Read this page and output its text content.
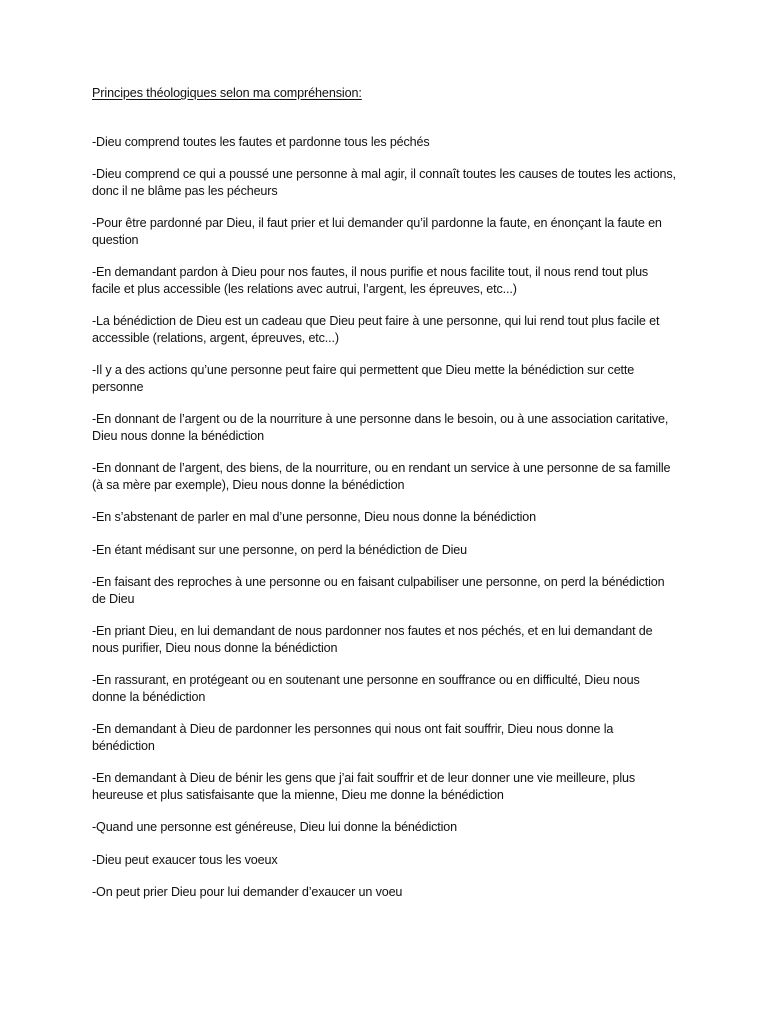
Principes théologiques selon ma compréhension:
-Dieu comprend toutes les fautes et pardonne tous les péchés
-Dieu comprend ce qui a poussé une personne à mal agir, il connaît toutes les causes de toutes les actions, donc il ne blâme pas les pécheurs
-Pour être pardonné par Dieu, il faut prier et lui demander qu’il pardonne la faute, en énonçant la faute en question
-En demandant pardon à Dieu pour nos fautes, il nous purifie et nous facilite tout, il nous rend tout plus facile et plus accessible (les relations avec autrui, l’argent, les épreuves, etc...)
-La bénédiction de Dieu est un cadeau que Dieu peut faire à une personne, qui lui rend tout plus facile et accessible (relations, argent, épreuves, etc...)
-Il y a des actions qu’une personne peut faire qui permettent que Dieu mette la bénédiction sur cette personne
-En donnant de l’argent ou de la nourriture à une personne dans le besoin, ou à une association caritative, Dieu nous donne la bénédiction
-En donnant de l’argent, des biens, de la nourriture, ou en rendant un service à une personne de sa famille (à sa mère par exemple), Dieu nous donne la bénédiction
-En s’abstenant de parler en mal d’une personne, Dieu nous donne la bénédiction
-En étant médisant sur une personne, on perd la bénédiction de Dieu
-En faisant des reproches à une personne ou en faisant culpabiliser une personne, on perd la bénédiction de Dieu
-En priant Dieu, en lui demandant de nous pardonner nos fautes et nos péchés, et en lui demandant de nous purifier, Dieu nous donne la bénédiction
-En rassurant, en protégeant ou en soutenant une personne en souffrance ou en difficulté, Dieu nous donne la bénédiction
-En demandant à Dieu de pardonner les personnes qui nous ont fait souffrir, Dieu nous donne la bénédiction
-En demandant à Dieu de bénir les gens que j’ai fait souffrir et de leur donner une vie meilleure, plus heureuse et plus satisfaisante que la mienne, Dieu me donne la bénédiction
-Quand une personne est généreuse, Dieu lui donne la bénédiction
-Dieu peut exaucer tous les voeux
-On peut prier Dieu pour lui demander d’exaucer un voeu
